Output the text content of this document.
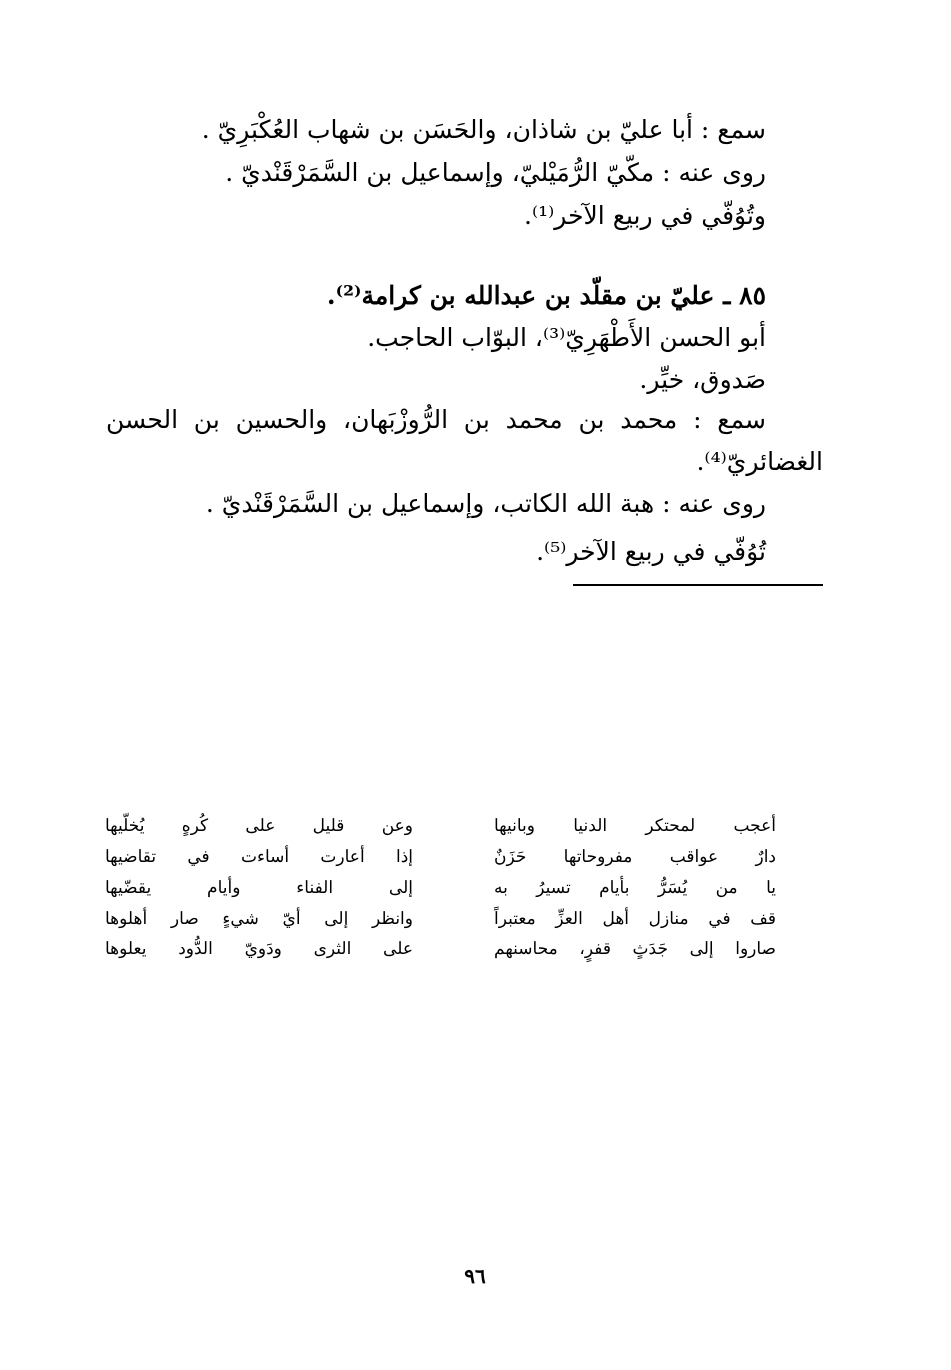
سمع : أبا عليّ بن شاذان، والحَسَن بن شهاب العُكْبَرِيّ .
روى عنه : مكّيّ الرُّمَيْليّ، وإسماعيل بن السَّمَرْقَنْديّ .
وتُوُفّي في ربيع الآخر⁽¹⁾.
٨٥ ـ عليّ بن مقلّد بن عبدالله بن كرامة⁽²⁾.
أبو الحسن الأَطْهَرِيّ⁽³⁾، البوّاب الحاجب.
صَدوق، خيِّر.
سمع : محمد بن محمد بن الرُّوزْبَهان، والحسين بن الحسن
الغضائريّ⁽⁴⁾.
روى عنه : هبة الله الكاتب، وإسماعيل بن السَّمَرْقَنْديّ .
تُوُفّي في ربيع الآخر⁽⁵⁾.
أعجب لمحتكر الدنيا وبانيها
وعن قليل على كُرهٍ يُخلّيها
دارٌ عواقب مفروحاتها حَزَنٌ
إذا أعارت أساءت في تقاضيها
يا من يُسَرُّ بأيام تسيرُ به
إلى الفناء وأيام يقضّيها
قف في منازل أهل العزِّ معتبراً
وانظر إلى أيّ شيءٍ صار أهلوها
صاروا إلى جَدَثٍ قفرٍ، محاسنهم
على الثرى ودَويّ الدُّود يعلوها
٩٦
